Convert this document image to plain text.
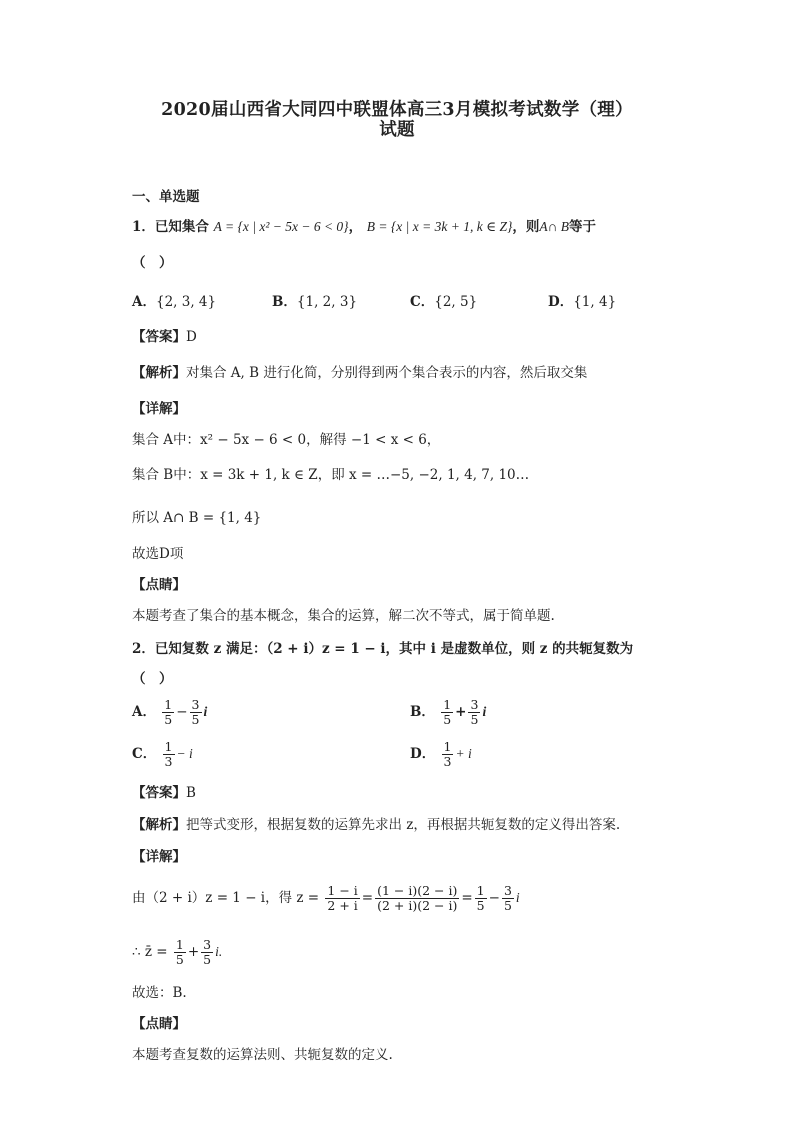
2020届山西省大同四中联盟体高三3月模拟考试数学（理）
试题
一、单选题
1．已知集合 A = {x | x² − 5x − 6 < 0}， B = {x | x = 3k + 1, k ∈ Z}，则A∩ B等于
（　）
A．{2, 3, 4}	B．{1, 2, 3}	C．{2, 5}	D．{1, 4}
【答案】D
【解析】对集合 A, B 进行化简，分别得到两个集合表示的内容，然后取交集
【详解】
集合 A中：x² − 5x − 6 < 0，解得 −1 < x < 6，
集合 B中：x = 3k + 1, k ∈ Z，即 x = …−5, −2, 1, 4, 7, 10…
所以 A∩ B = {1, 4}
故选D项
【点睛】
本题考查了集合的基本概念，集合的运算，解二次不等式，属于简单题.
2．已知复数 z 满足：（2 + i）z = 1 − i，其中 i 是虚数单位，则 z 的共轭复数为
（　）
A． $\frac{1}{5} - \frac{3}{5}$ i	B． $\frac{1}{5} + \frac{3}{5}$ i
C． $\frac{1}{3} - i$	D． $\frac{1}{3} + i$
【答案】B
【解析】把等式变形，根据复数的运算先求出 z，再根据共轭复数的定义得出答案.
【详解】
由（2 + i）z = 1 − i，得 $z = \frac{1 - i}{2 + i} = \frac{(1 - i)(2 - i)}{(2 + i)(2 - i)} = \frac{1}{5} - \frac{3}{5}$ i
∴ z̄ = $\frac{1}{5} + \frac{3}{5} i$.
故选：B.
【点睛】
本题考查复数的运算法则、共轭复数的定义.
